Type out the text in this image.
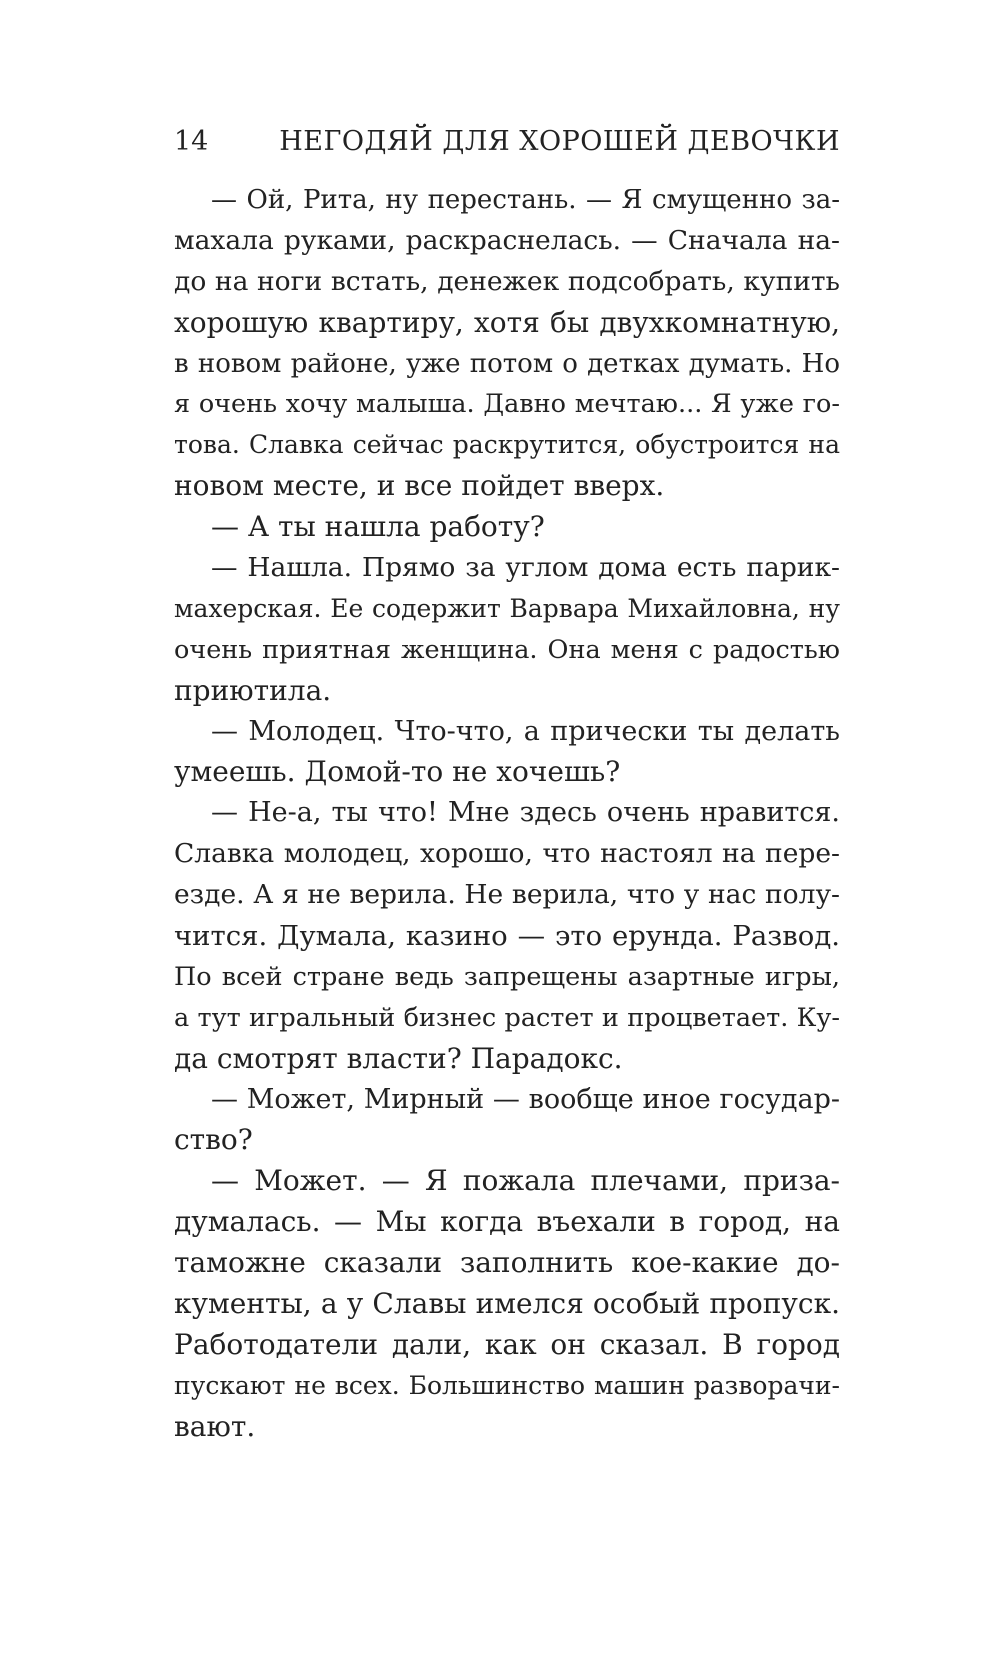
14	НЕГОДЯЙ ДЛЯ ХОРОШЕЙ ДЕВОЧКИ
— Ой, Рита, ну перестань. — Я смущенно за-
махала руками, раскраснелась. — Сначала на-
до на ноги встать, денежек подсобрать, купить
хорошую квартиру, хотя бы двухкомнатную,
в новом районе, уже потом о детках думать. Но
я очень хочу малыша. Давно мечтаю... Я уже го-
това. Славка сейчас раскрутится, обустроится на
новом месте, и все пойдет вверх.
— А ты нашла работу?
— Нашла. Прямо за углом дома есть парик-
махерская. Ее содержит Варвара Михайловна, ну
очень приятная женщина. Она меня с радостью
приютила.
— Молодец. Что-что, а прически ты делать
умеешь. Домой-то не хочешь?
— Не-а, ты что! Мне здесь очень нравится.
Славка молодец, хорошо, что настоял на пере-
езде. А я не верила. Не верила, что у нас полу-
чится. Думала, казино — это ерунда. Развод.
По всей стране ведь запрещены азартные игры,
а тут игральный бизнес растет и процветает. Ку-
да смотрят власти? Парадокс.
— Может, Мирный — вообще иное государ-
ство?
— Может. — Я пожала плечами, приза-
думалась. — Мы когда въехали в город, на
таможне сказали заполнить кое-какие до-
кументы, а у Славы имелся особый пропуск.
Работодатели дали, как он сказал. В город
пускают не всех. Большинство машин разворачи-
вают.
